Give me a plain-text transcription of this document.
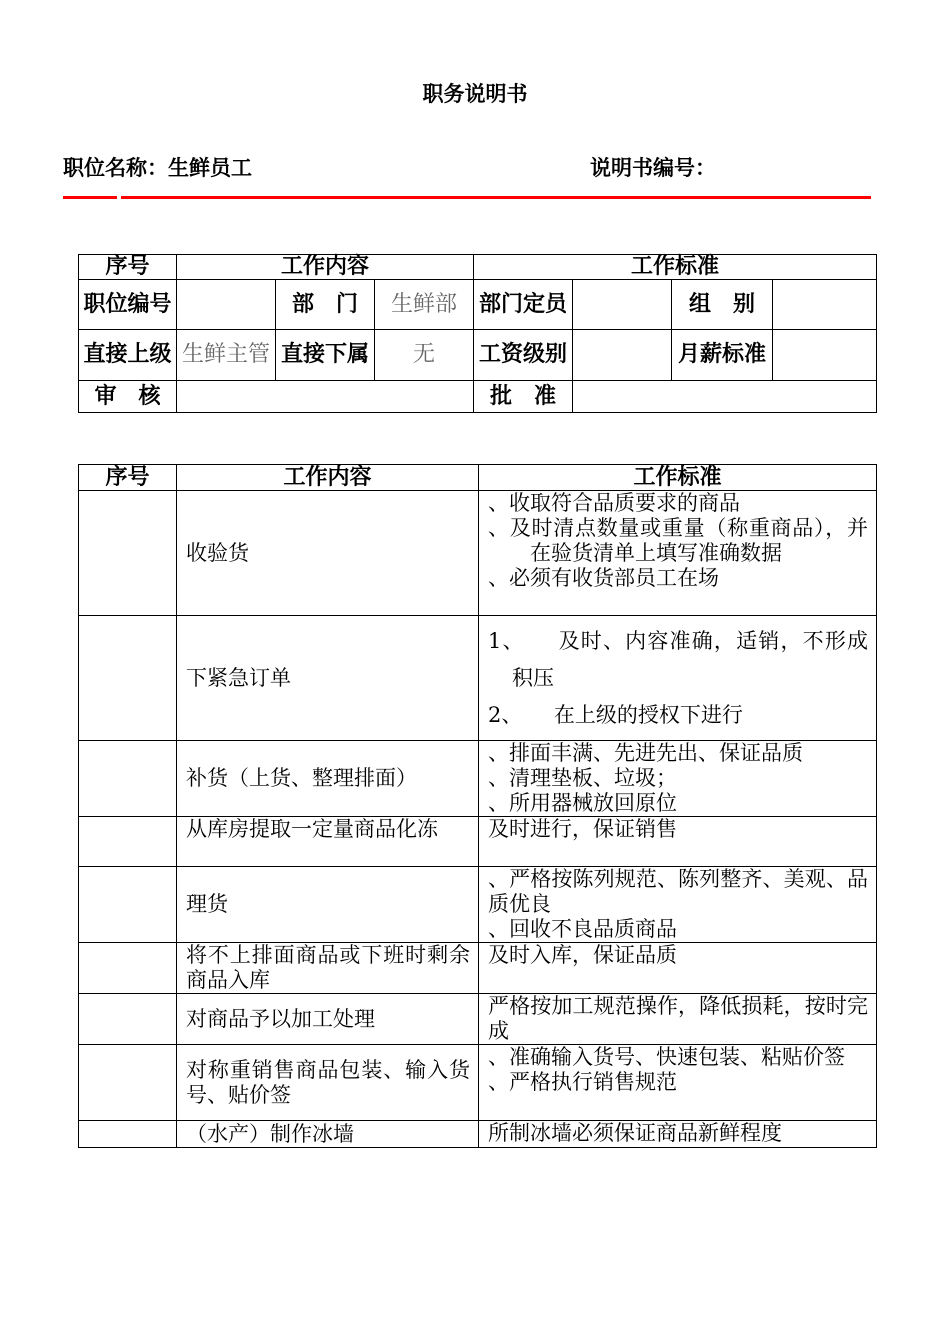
职务说明书
职位名称：生鲜员工	说明书编号：
序号	工作内容			工作标准			
职位编号		部　门	生鲜部	部门定员		组　别	
直接上级	生鲜主管	直接下属	无	工资级别		月薪标准	
审　核				批　准			
序号	工作内容	工作标准
	收验货	、收取符合品质要求的商品
、及时清点数量或重量（称重商品），并在验货清单上填写准确数据
、必须有收货部员工在场

	下紧急订单	1、　　及时、内容准确，适销，不形成积压
2、　　在上级的授权下进行

	补货（上货、整理排面）	、排面丰满、先进先出、保证品质
、清理垫板、垃圾；
、所用器械放回原位

	从库房提取一定量商品化冻	及时进行，保证销售

	理货	、严格按陈列规范、陈列整齐、美观、品质优良
、回收不良品质商品

	将不上排面商品或下班时剩余商品入库	及时入库，保证品质

	对商品予以加工处理	严格按加工规范操作，降低损耗，按时完成

	对称重销售商品包装、输入货号、贴价签	、准确输入货号、快速包装、粘贴价签
、严格执行销售规范

	（水产）制作冰墙	所制冰墙必须保证商品新鲜程度
